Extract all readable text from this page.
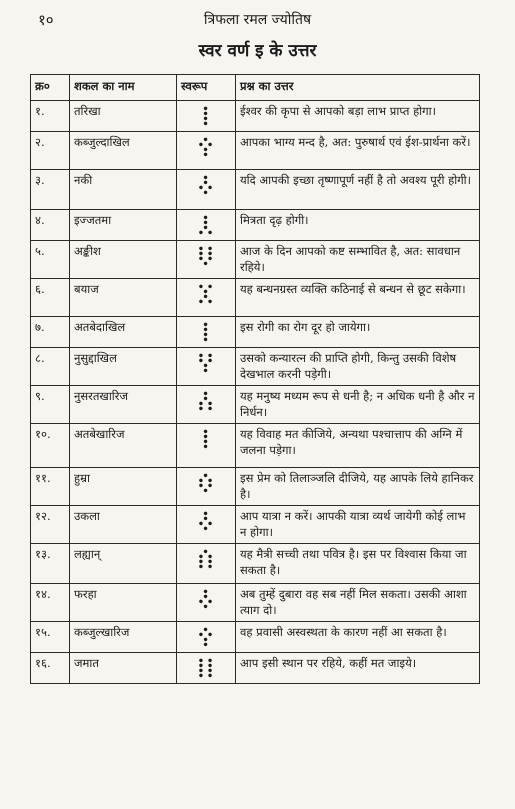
१०	त्रिफला रमल ज्योतिष
स्वर वर्ण इ के उत्तर
क्र०	शकल का नाम	स्वरूप	प्रश्न का उत्तर
१.	तरिखा	●
●
●
●	ईश्वर की कृपा से आपको बड़ा लाभ प्राप्त होगा।
२.	कब्जुल्दाखिल	●
● ●
●
●	आपका भाग्य मन्द है, अत: पुरुषार्थ एवं ईश-प्रार्थना करें।
३.	नकी	●
●
● ●
●	यदि आपकी इच्छा तृष्णापूर्ण नहीं है तो अवश्य पूरी होगी।
४.	इज्जतमा	●
●
●
● ●	मित्रता दृढ़ होगी।
५.	अङ्कीश	● ●
● ●
● ●
●	आज के दिन आपको कष्ट सम्भावित है, अत: सावधान रहिये।
६.	बयाज	● ●
●
●
● ●	यह बन्धनग्रस्त व्यक्ति कठिनाई से बन्धन से छूट सकेगा।
७.	अतबेदाखिल	●
●
●
●	इस रोगी का रोग दूर हो जायेगा।
८.	नुसुद्दाखिल	● ●
● ●
●
●	उसको कन्यारत्न की प्राप्ति होगी, किन्तु उसकी विशेष देखभाल करनी पड़ेगी।
९.	नुसरतखारिज	●
●
● ●
● ●	यह मनुष्य मध्यम रूप से धनी है; न अधिक धनी है और न निर्धन।
१०.	अतबेखारिज	●
●
●
●	यह विवाह मत कीजिये, अन्यथा पश्चात्ताप की अग्नि में जलना पड़ेगा।
११.	हुम्रा	●
● ●
● ●
●	इस प्रेम को तिलाञ्जलि दीजिये, यह आपके लिये हानिकर है।
१२.	उकला	●
●
● ●
●	आप यात्रा न करें। आपकी यात्रा व्यर्थ जायेगी कोई लाभ न होगा।
१३.	लह्यान्	●
● ●
● ●
● ●	यह मैत्री सच्ची तथा पवित्र है। इस पर विश्वास किया जा सकता है।
१४.	फरहा	●
●
● ●
●	अब तुम्हें दुबारा वह सब नहीं मिल सकता। उसकी आशा त्याग दो।
१५.	कब्जुल्खारिज	●
● ●
●
●	वह प्रवासी अस्वस्थता के कारण नहीं आ सकता है।
१६.	जमात	● ●
● ●
● ●
● ●	आप इसी स्थान पर रहिये, कहीं मत जाइये।
